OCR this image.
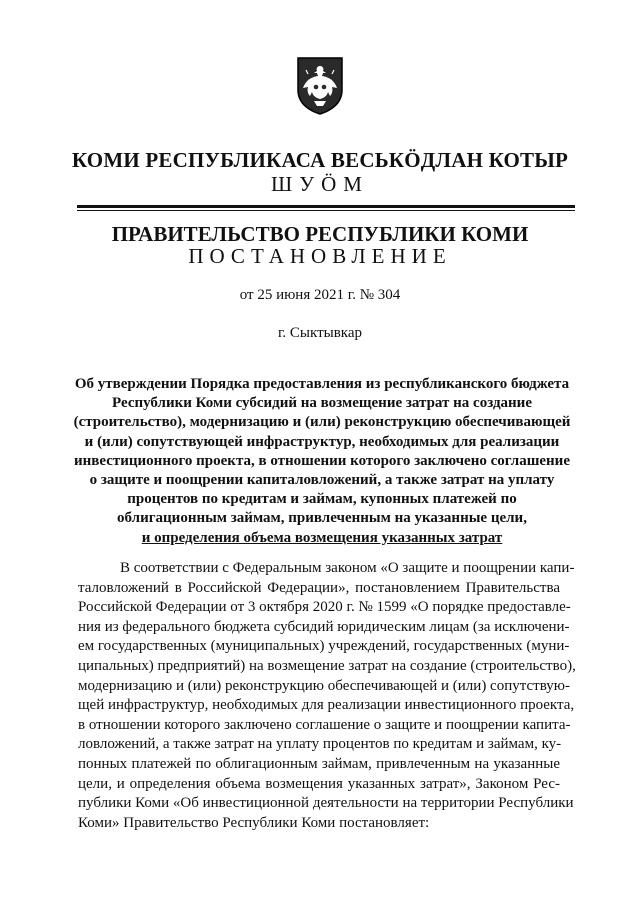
КОМИ РЕСПУБЛИКАСА ВЕСЬКӦДЛАН КОТЫР
ШУӦМ
ПРАВИТЕЛЬСТВО РЕСПУБЛИКИ КОМИ
ПОСТАНОВЛЕНИЕ
от 25 июня 2021 г. № 304
г. Сыктывкар
Об утверждении Порядка предоставления из республиканского бюджета
Республики Коми субсидий на возмещение затрат на создание
(строительство), модернизацию и (или) реконструкцию обеспечивающей
и (или) сопутствующей инфраструктур, необходимых для реализации
инвестиционного проекта, в отношении которого заключено соглашение
о защите и поощрении капиталовложений, а также затрат на уплату
процентов по кредитам и займам, купонных платежей по
облигационным займам, привлеченным на указанные цели,
и определения объема возмещения указанных затрат
В соответствии с Федеральным законом «О защите и поощрении капи-
таловложений в Российской Федерации», постановлением Правительства
Российской Федерации от 3 октября 2020 г. № 1599 «О порядке предоставле-
ния из федерального бюджета субсидий юридическим лицам (за исключени-
ем государственных (муниципальных) учреждений, государственных (муни-
ципальных) предприятий) на возмещение затрат на создание (строительство),
модернизацию и (или) реконструкцию обеспечивающей и (или) сопутствую-
щей инфраструктур, необходимых для реализации инвестиционного проекта,
в отношении которого заключено соглашение о защите и поощрении капита-
ловложений, а также затрат на уплату процентов по кредитам и займам, ку-
понных платежей по облигационным займам, привлеченным на указанные
цели, и определения объема возмещения указанных затрат», Законом Рес-
публики Коми «Об инвестиционной деятельности на территории Республики
Коми» Правительство Республики Коми постановляет:
